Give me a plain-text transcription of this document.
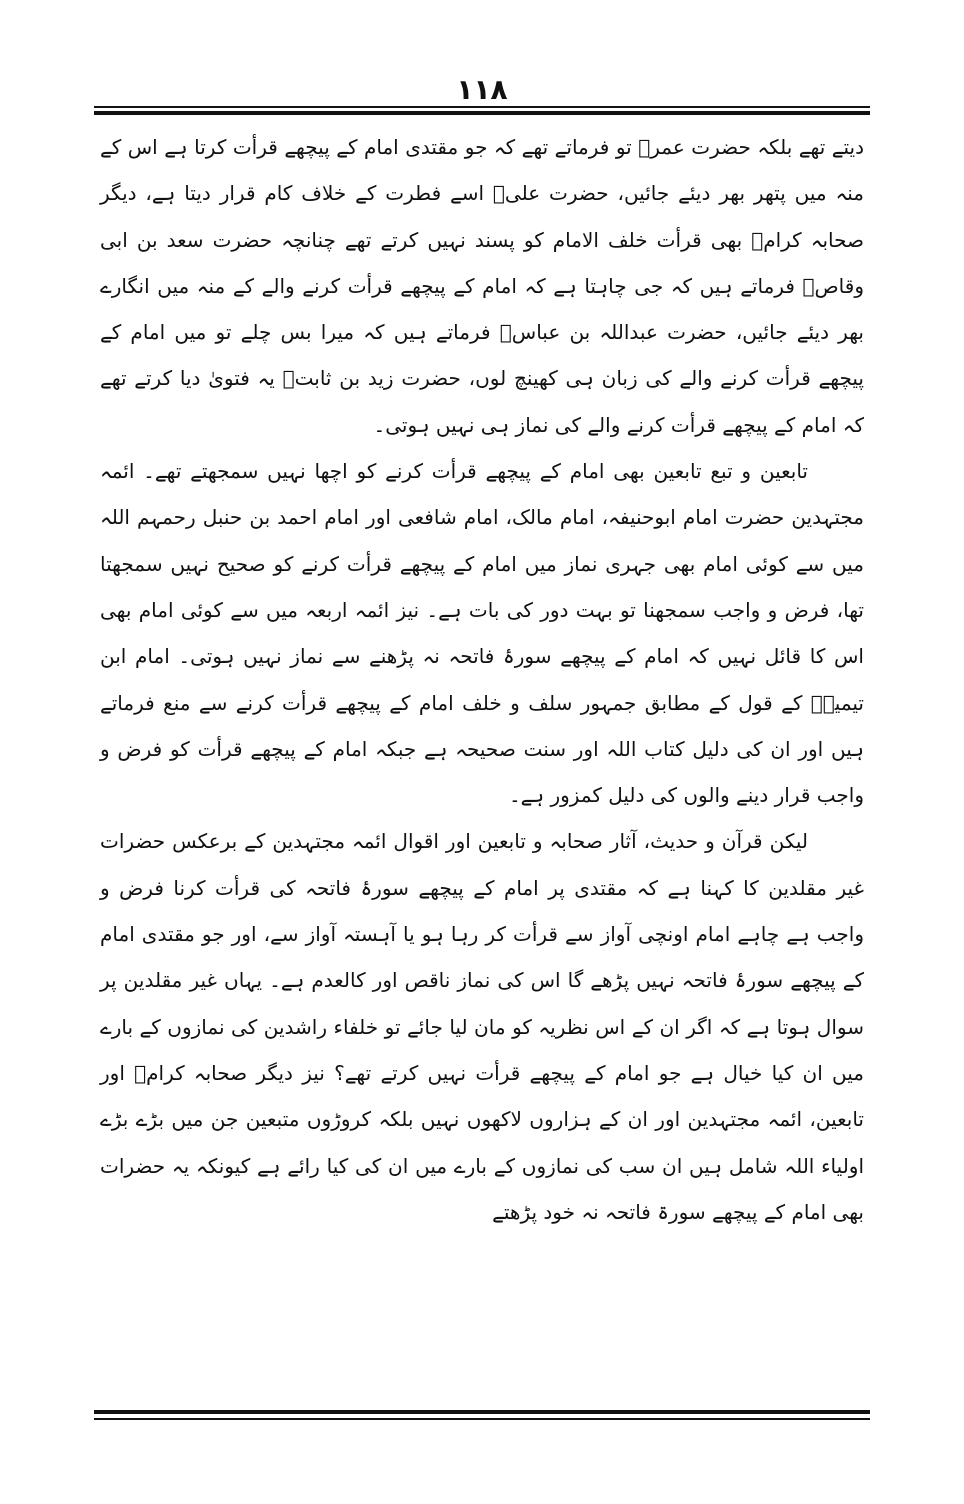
۱۱۸

دیتے تھے بلکہ حضرت عمرؓ تو فرماتے تھے کہ جو مقتدی امام کے پیچھے قرأت کرتا ہے اس کے منہ میں پتھر بھر دیئے جائیں، حضرت علیؓ اسے فطرت کے خلاف کام قرار دیتا ہے، دیگر صحابہ کرامؓ بھی قرأت خلف الامام کو پسند نہیں کرتے تھے چنانچہ حضرت سعد بن ابی وقاصؓ فرماتے ہیں کہ جی چاہتا ہے کہ امام کے پیچھے قرأت کرنے والے کے منہ میں انگارے بھر دیئے جائیں، حضرت عبداللہ بن عباسؓ فرماتے ہیں کہ میرا بس چلے تو میں امام کے پیچھے قرأت کرنے والے کی زبان ہی کھینچ لوں، حضرت زید بن ثابتؓ یہ فتویٰ دیا کرتے تھے کہ امام کے پیچھے قرأت کرنے والے کی نماز ہی نہیں ہوتی۔

تابعین و تبع تابعین بھی امام کے پیچھے قرأت کرنے کو اچھا نہیں سمجھتے تھے۔ ائمہ مجتہدین حضرت امام ابوحنیفہ، امام مالک، امام شافعی اور امام احمد بن حنبل رحمہم اللہ میں سے کوئی امام بھی جہری نماز میں امام کے پیچھے قرأت کرنے کو صحیح نہیں سمجھتا تھا، فرض و واجب سمجھنا تو بہت دور کی بات ہے۔ نیز ائمہ اربعہ میں سے کوئی امام بھی اس کا قائل نہیں کہ امام کے پیچھے سورۂ فاتحہ نہ پڑھنے سے نماز نہیں ہوتی۔ امام ابن تیمیہؒ کے قول کے مطابق جمہور سلف و خلف امام کے پیچھے قرأت کرنے سے منع فرماتے ہیں اور ان کی دلیل کتاب اللہ اور سنت صحیحہ ہے جبکہ امام کے پیچھے قرأت کو فرض و واجب قرار دینے والوں کی دلیل کمزور ہے۔

لیکن قرآن و حدیث، آثار صحابہ و تابعین اور اقوال ائمہ مجتہدین کے برعکس حضرات غیر مقلدین کا کہنا ہے کہ مقتدی پر امام کے پیچھے سورۂ فاتحہ کی قرأت کرنا فرض و واجب ہے چاہے امام اونچی آواز سے قرأت کر رہا ہو یا آہستہ آواز سے، اور جو مقتدی امام کے پیچھے سورۂ فاتحہ نہیں پڑھے گا اس کی نماز ناقص اور کالعدم ہے۔ یہاں غیر مقلدین پر سوال ہوتا ہے کہ اگر ان کے اس نظریہ کو مان لیا جائے تو خلفاء راشدین کی نمازوں کے بارے میں ان کیا خیال ہے جو امام کے پیچھے قرأت نہیں کرتے تھے؟ نیز دیگر صحابہ کرامؓ اور تابعین، ائمہ مجتہدین اور ان کے ہزاروں لاکھوں نہیں بلکہ کروڑوں متبعین جن میں بڑے بڑے اولیاء اللہ شامل ہیں ان سب کی نمازوں کے بارے میں ان کی کیا رائے ہے کیونکہ یہ حضرات بھی امام کے پیچھے سورۃ فاتحہ نہ خود پڑھتے
